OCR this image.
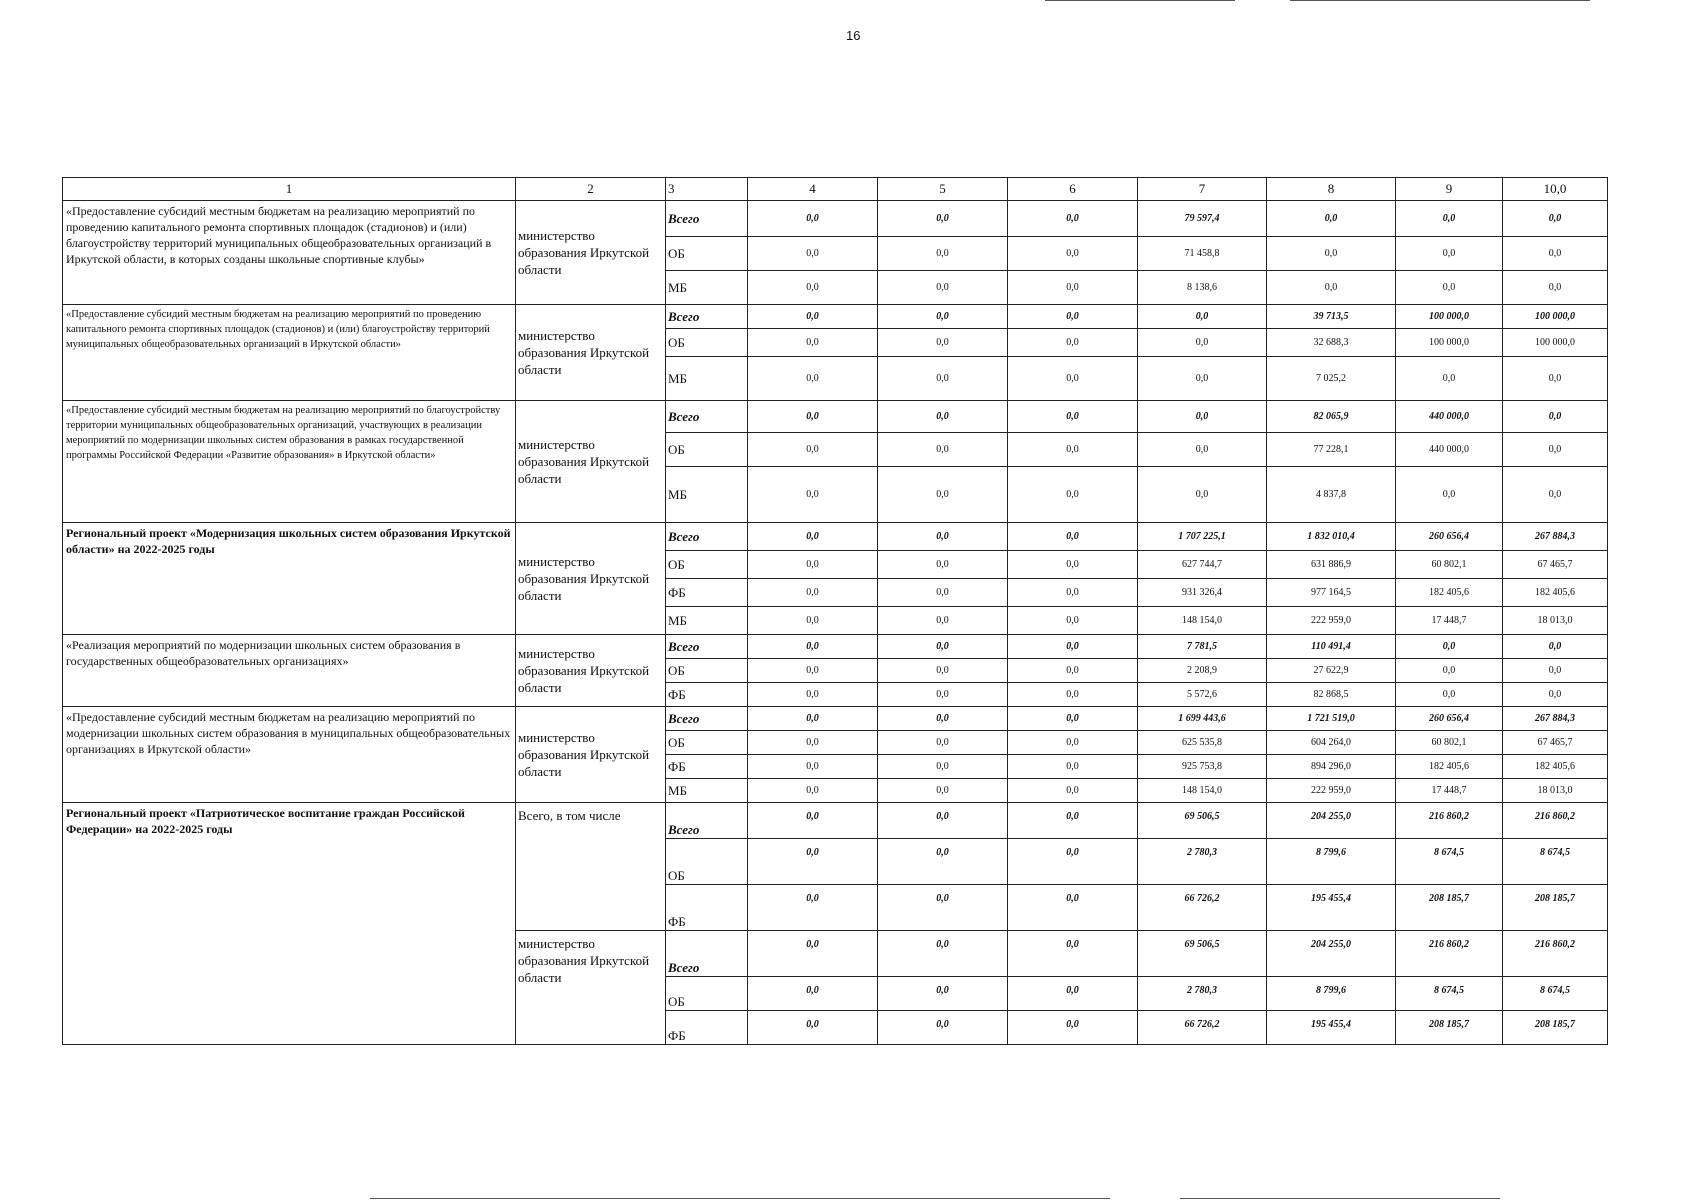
16
1	2	3	4	5	6	7	8	9	10,0
«Предоставление субсидий местным бюджетам на реализацию мероприятий по проведению капитального ремонта спортивных площадок (стадионов) и (или) благоустройству территорий муниципальных общеобразовательных организаций в Иркутской области, в которых созданы школьные спортивные клубы»	министерство образования Иркутской области	Всего	0,0	0,0	0,0	79 597,4	0,0	0,0	0,0
		ОБ	0,0	0,0	0,0	71 458,8	0,0	0,0	0,0
		МБ	0,0	0,0	0,0	8 138,6	0,0	0,0	0,0
«Предоставление субсидий местным бюджетам на реализацию мероприятий по проведению капитального ремонта спортивных площадок (стадионов) и (или) благоустройству территорий муниципальных общеобразовательных организаций в Иркутской области»	министерство образования Иркутской области	Всего	0,0	0,0	0,0	0,0	39 713,5	100 000,0	100 000,0
		ОБ	0,0	0,0	0,0	0,0	32 688,3	100 000,0	100 000,0
		МБ	0,0	0,0	0,0	0,0	7 025,2	0,0	0,0
«Предоставление субсидий местным бюджетам на реализацию мероприятий по благоустройству территории муниципальных общеобразовательных организаций, участвующих в реализации мероприятий по модернизации школьных систем образования в рамках государственной программы Российской Федерации «Развитие образования» в Иркутской области»	министерство образования Иркутской области	Всего	0,0	0,0	0,0	0,0	82 065,9	440 000,0	0,0
		ОБ	0,0	0,0	0,0	0,0	77 228,1	440 000,0	0,0
		МБ	0,0	0,0	0,0	0,0	4 837,8	0,0	0,0
Региональный проект «Модернизация школьных систем образования Иркутской области» на 2022-2025 годы	министерство образования Иркутской области	Всего	0,0	0,0	0,0	1 707 225,1	1 832 010,4	260 656,4	267 884,3
		ОБ	0,0	0,0	0,0	627 744,7	631 886,9	60 802,1	67 465,7
		ФБ	0,0	0,0	0,0	931 326,4	977 164,5	182 405,6	182 405,6
		МБ	0,0	0,0	0,0	148 154,0	222 959,0	17 448,7	18 013,0
«Реализация мероприятий по модернизации школьных систем образования в государственных общеобразовательных организациях»	министерство образования Иркутской области	Всего	0,0	0,0	0,0	7 781,5	110 491,4	0,0	0,0
		ОБ	0,0	0,0	0,0	2 208,9	27 622,9	0,0	0,0
		ФБ	0,0	0,0	0,0	5 572,6	82 868,5	0,0	0,0
«Предоставление субсидий местным бюджетам на реализацию мероприятий по модернизации школьных систем образования в муниципальных общеобразовательных организациях в Иркутской области»	министерство образования Иркутской области	Всего	0,0	0,0	0,0	1 699 443,6	1 721 519,0	260 656,4	267 884,3
		ОБ	0,0	0,0	0,0	625 535,8	604 264,0	60 802,1	67 465,7
		ФБ	0,0	0,0	0,0	925 753,8	894 296,0	182 405,6	182 405,6
		МБ	0,0	0,0	0,0	148 154,0	222 959,0	17 448,7	18 013,0
Региональный проект «Патриотическое воспитание граждан Российской Федерации» на 2022-2025 годы	Всего, в том числе	Всего	0,0	0,0	0,0	69 506,5	204 255,0	216 860,2	216 860,2
		ОБ	0,0	0,0	0,0	2 780,3	8 799,6	8 674,5	8 674,5
		ФБ	0,0	0,0	0,0	66 726,2	195 455,4	208 185,7	208 185,7
	министерство образования Иркутской области	Всего	0,0	0,0	0,0	69 506,5	204 255,0	216 860,2	216 860,2
		ОБ	0,0	0,0	0,0	2 780,3	8 799,6	8 674,5	8 674,5
		ФБ	0,0	0,0	0,0	66 726,2	195 455,4	208 185,7	208 185,7
